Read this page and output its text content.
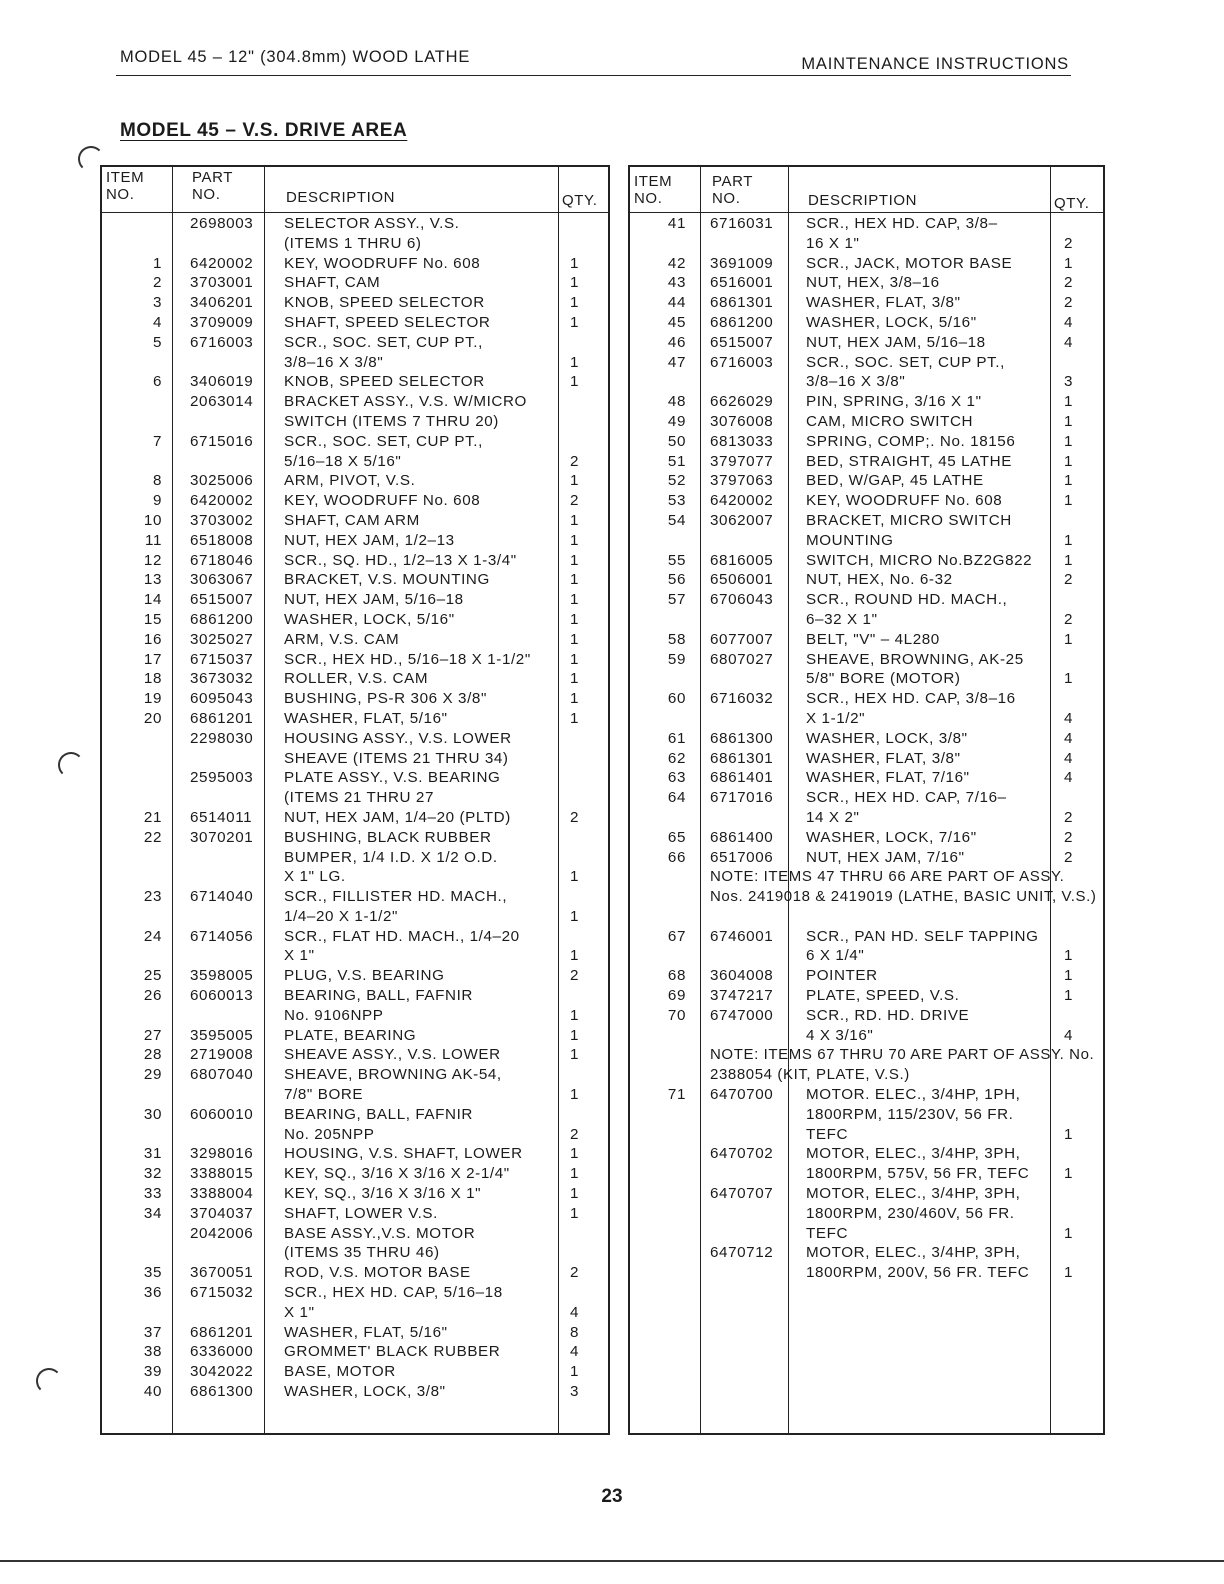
MODEL 45 – 12" (304.8mm) WOOD LATHE	MAINTENANCE INSTRUCTIONS
MODEL 45 – V.S. DRIVE AREA
ITEM
NO.
PART
NO.	DESCRIPTION	QTY.
2698003 SELECTOR ASSY., V.S.
(ITEMS 1 THRU 6)
1 6420002 KEY, WOODRUFF No. 608	1
2 3703001 SHAFT, CAM	1
3 3406201 KNOB, SPEED SELECTOR	1
4 3709009 SHAFT, SPEED SELECTOR	1
5 6716003 SCR., SOC. SET, CUP PT.,
3/8–16 X 3/8"	1
6 3406019 KNOB, SPEED SELECTOR	1
2063014 BRACKET ASSY., V.S. W/MICRO
SWITCH (ITEMS 7 THRU 20)
7 6715016 SCR., SOC. SET, CUP PT.,
5/16–18 X 5/16"	2
8 3025006 ARM, PIVOT, V.S.	1
9 6420002 KEY, WOODRUFF No. 608	2
10 3703002 SHAFT, CAM ARM	1
11 6518008 NUT, HEX JAM, 1/2–13	1
12 6718046 SCR., SQ. HD., 1/2–13 X 1-3/4"	1
13 3063067 BRACKET, V.S. MOUNTING	1
14 6515007 NUT, HEX JAM, 5/16–18	1
15 6861200 WASHER, LOCK, 5/16"	1
16 3025027 ARM, V.S. CAM	1
17 6715037 SCR., HEX HD., 5/16–18 X 1-1/2"	1
18 3673032 ROLLER, V.S. CAM	1
19 6095043 BUSHING, PS-R 306 X 3/8"	1
20 6861201 WASHER, FLAT, 5/16"	1
2298030 HOUSING ASSY., V.S. LOWER
SHEAVE (ITEMS 21 THRU 34)
2595003 PLATE ASSY., V.S. BEARING
(ITEMS 21 THRU 27
21 6514011 NUT, HEX JAM, 1/4–20 (PLTD)	2
22 3070201 BUSHING, BLACK RUBBER
BUMPER, 1/4 I.D. X 1/2 O.D.
X 1" LG.	1
23 6714040 SCR., FILLISTER HD. MACH.,
1/4–20 X 1-1/2"	1
24 6714056 SCR., FLAT HD. MACH., 1/4–20
X 1"	1
25 3598005 PLUG, V.S. BEARING	2
26 6060013 BEARING, BALL, FAFNIR
No. 9106NPP	1
27 3595005 PLATE, BEARING	1
28 2719008 SHEAVE ASSY., V.S. LOWER	1
29 6807040 SHEAVE, BROWNING AK-54,
7/8" BORE	1
30 6060010 BEARING, BALL, FAFNIR
No. 205NPP	2
31 3298016 HOUSING, V.S. SHAFT, LOWER	1
32 3388015 KEY, SQ., 3/16 X 3/16 X 2-1/4"	1
33 3388004 KEY, SQ., 3/16 X 3/16 X 1"	1
34 3704037 SHAFT, LOWER V.S.	1
2042006 BASE ASSY.,V.S. MOTOR
(ITEMS 35 THRU 46)
35 3670051 ROD, V.S. MOTOR BASE	2
36 6715032 SCR., HEX HD. CAP, 5/16–18
X 1"	4
37 6861201 WASHER, FLAT, 5/16"	8
38 6336000 GROMMET' BLACK RUBBER	4
39 3042022 BASE, MOTOR	1
40 6861300 WASHER, LOCK, 3/8"	3
ITEM
NO.
PART
NO.	DESCRIPTION	QTY.
41 6716031 SCR., HEX HD. CAP, 3/8–
16 X 1"	2
42 3691009 SCR., JACK, MOTOR BASE	1
43 6516001 NUT, HEX, 3/8–16	2
44 6861301 WASHER, FLAT, 3/8"	2
45 6861200 WASHER, LOCK, 5/16"	4
46 6515007 NUT, HEX JAM, 5/16–18	4
47 6716003 SCR., SOC. SET, CUP PT.,
3/8–16 X 3/8"	3
48 6626029 PIN, SPRING, 3/16 X 1"	1
49 3076008 CAM, MICRO SWITCH	1
50 6813033 SPRING, COMP;. No. 18156	1
51 3797077 BED, STRAIGHT, 45 LATHE	1
52 3797063 BED, W/GAP, 45 LATHE	1
53 6420002 KEY, WOODRUFF No. 608	1
54 3062007 BRACKET, MICRO SWITCH
MOUNTING	1
55 6816005 SWITCH, MICRO No.BZ2G822 1
56 6506001 NUT, HEX, No. 6-32	2
57 6706043 SCR., ROUND HD. MACH.,
6–32 X 1"	2
58 6077007 BELT, "V" – 4L280	1
59 6807027 SHEAVE, BROWNING, AK-25
5/8" BORE (MOTOR)	1
60 6716032 SCR., HEX HD. CAP, 3/8–16
X 1-1/2"	4
61 6861300 WASHER, LOCK, 3/8"	4
62 6861301 WASHER, FLAT, 3/8"	4
63 6861401 WASHER, FLAT, 7/16"	4
64 6717016 SCR., HEX HD. CAP, 7/16–
14 X 2"	2
65 6861400 WASHER, LOCK, 7/16"	2
66 6517006 NUT, HEX JAM, 7/16"	2
NOTE: ITEMS 47 THRU 66 ARE PART OF ASSY. Nos. 2419018 & 2419019 (LATHE, BASIC UNIT, V.S.)
67 6746001 SCR., PAN HD. SELF TAPPING
6 X 1/4"	1
68 3604008 POINTER	1
69 3747217 PLATE, SPEED, V.S.	1
70 6747000 SCR., RD. HD. DRIVE
4 X 3/16"	4
NOTE: ITEMS 67 THRU 70 ARE PART OF ASSY. No. 2388054 (KIT, PLATE, V.S.)
71 6470700 MOTOR. ELEC., 3/4HP, 1PH,
1800RPM, 115/230V, 56 FR.
TEFC	1
6470702 MOTOR, ELEC., 3/4HP, 3PH,
1800RPM, 575V, 56 FR, TEFC 1
6470707 MOTOR, ELEC., 3/4HP, 3PH,
1800RPM, 230/460V, 56 FR.
TEFC	1
6470712 MOTOR, ELEC., 3/4HP, 3PH,
1800RPM, 200V, 56 FR. TEFC 1
23
